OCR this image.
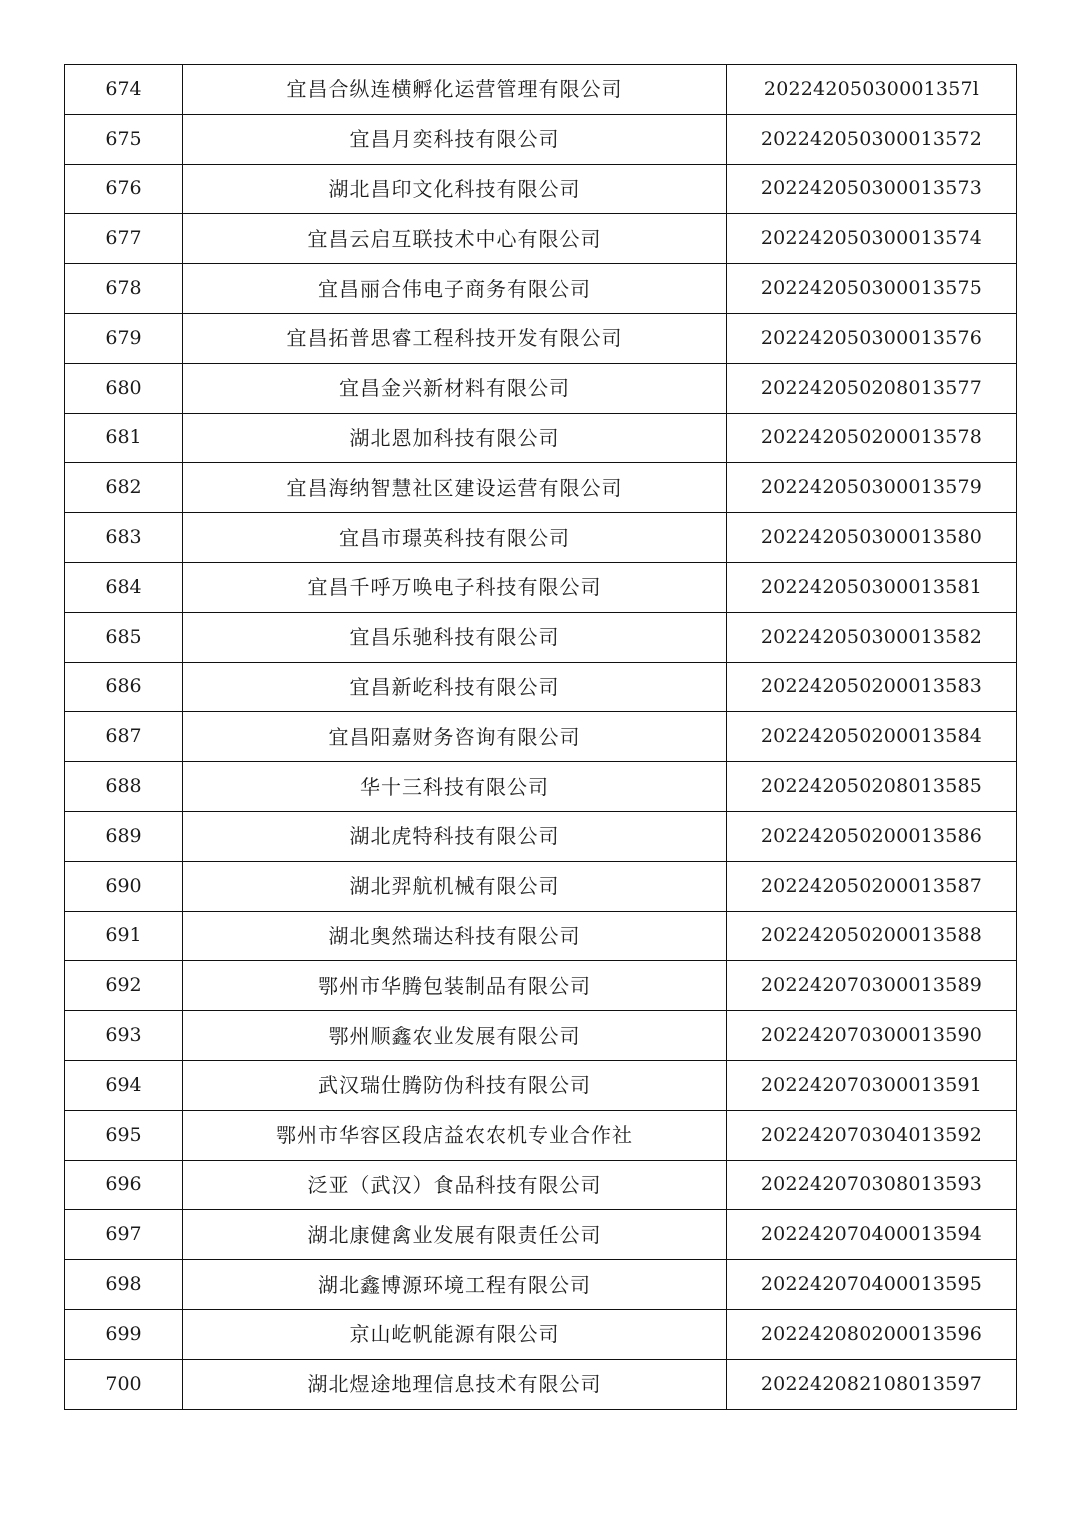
674	宜昌合纵连横孵化运营管理有限公司	20224205030001357l
675	宜昌月奕科技有限公司	202242050300013572
676	湖北昌印文化科技有限公司	202242050300013573
677	宜昌云启互联技术中心有限公司	202242050300013574
678	宜昌丽合伟电子商务有限公司	202242050300013575
679	宜昌拓普思睿工程科技开发有限公司	202242050300013576
680	宜昌金兴新材料有限公司	202242050208013577
681	湖北恩加科技有限公司	202242050200013578
682	宜昌海纳智慧社区建设运营有限公司	202242050300013579
683	宜昌市璟英科技有限公司	202242050300013580
684	宜昌千呼万唤电子科技有限公司	202242050300013581
685	宜昌乐驰科技有限公司	202242050300013582
686	宜昌新屹科技有限公司	202242050200013583
687	宜昌阳嘉财务咨询有限公司	202242050200013584
688	华十三科技有限公司	202242050208013585
689	湖北虎特科技有限公司	202242050200013586
690	湖北羿航机械有限公司	202242050200013587
691	湖北奥然瑞达科技有限公司	202242050200013588
692	鄂州市华腾包装制品有限公司	202242070300013589
693	鄂州顺鑫农业发展有限公司	202242070300013590
694	武汉瑞仕腾防伪科技有限公司	202242070300013591
695	鄂州市华容区段店益农农机专业合作社	202242070304013592
696	泛亚（武汉）食品科技有限公司	202242070308013593
697	湖北康健禽业发展有限责任公司	202242070400013594
698	湖北鑫博源环境工程有限公司	202242070400013595
699	京山屹帆能源有限公司	202242080200013596
700	湖北煜途地理信息技术有限公司	202242082108013597
